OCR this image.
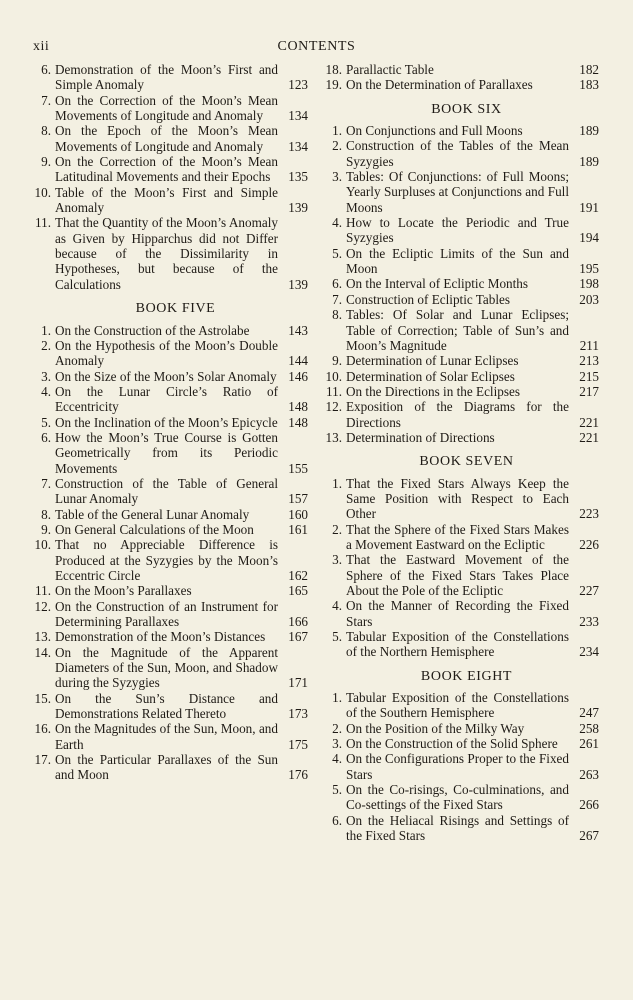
xii	CONTENTS
6. Demonstration of the Moon’s First and Simple Anomaly	123
7. On the Correction of the Moon’s Mean Movements of Longitude and Anomaly 134
8. On the Epoch of the Moon’s Mean Movements of Longitude and Anomaly 134
9. On the Correction of the Moon’s Mean Latitudinal Movements and their Epochs 135
10. Table of the Moon’s First and Simple Anomaly	139
11. That the Quantity of the Moon’s Anomaly as Given by Hipparchus did not Differ because of the Dissimilarity in Hypotheses, but because of the Calculations	139
BOOK FIVE
1. On the Construction of the Astrolabe	143
2. On the Hypothesis of the Moon’s Double Anomaly	144
3. On the Size of the Moon’s Solar Anomaly 146
4. On the Lunar Circle’s Ratio of Eccentricity	148
5. On the Inclination of the Moon’s Epicycle 148
6. How the Moon’s True Course is Gotten Geometrically from its Periodic Movements	155
7. Construction of the Table of General Lunar Anomaly	157
8. Table of the General Lunar Anomaly	160
9. On General Calculations of the Moon	161
10. That no Appreciable Difference is Produced at the Syzygies by the Moon’s Eccentric Circle	162
11. On the Moon’s Parallaxes	165
12. On the Construction of an Instrument for Determining Parallaxes	166
13. Demonstration of the Moon’s Distances 167
14. On the Magnitude of the Apparent Diameters of the Sun, Moon, and Shadow during the Syzygies	171
15. On the Sun’s Distance and Demonstrations Related Thereto	173
16. On the Magnitudes of the Sun, Moon, and Earth	175
17. On the Particular Parallaxes of the Sun and Moon	176
18. Parallactic Table	182
19. On the Determination of Parallaxes	183
BOOK SIX
1. On Conjunctions and Full Moons	189
2. Construction of the Tables of the Mean Syzygies	189
3. Tables: Of Conjunctions: of Full Moons; Yearly Surpluses at Conjunctions and Full Moons	191
4. How to Locate the Periodic and True Syzygies	194
5. On the Ecliptic Limits of the Sun and Moon	195
6. On the Interval of Ecliptic Months	198
7. Construction of Ecliptic Tables	203
8. Tables: Of Solar and Lunar Eclipses; Table of Correction; Table of Sun’s and Moon’s Magnitude	211
9. Determination of Lunar Eclipses	213
10. Determination of Solar Eclipses	215
11. On the Directions in the Eclipses	217
12. Exposition of the Diagrams for the Directions	221
13. Determination of Directions	221
BOOK SEVEN
1. That the Fixed Stars Always Keep the Same Position with Respect to Each Other	223
2. That the Sphere of the Fixed Stars Makes a Movement Eastward on the Ecliptic	226
3. That the Eastward Movement of the Sphere of the Fixed Stars Takes Place About the Pole of the Ecliptic	227
4. On the Manner of Recording the Fixed Stars	233
5. Tabular Exposition of the Constellations of the Northern Hemisphere	234
BOOK EIGHT
1. Tabular Exposition of the Constellations of the Southern Hemisphere	247
2. On the Position of the Milky Way	258
3. On the Construction of the Solid Sphere 261
4. On the Configurations Proper to the Fixed Stars	263
5. On the Co-risings, Co-culminations, and Co-settings of the Fixed Stars	266
6. On the Heliacal Risings and Settings of the Fixed Stars	267
